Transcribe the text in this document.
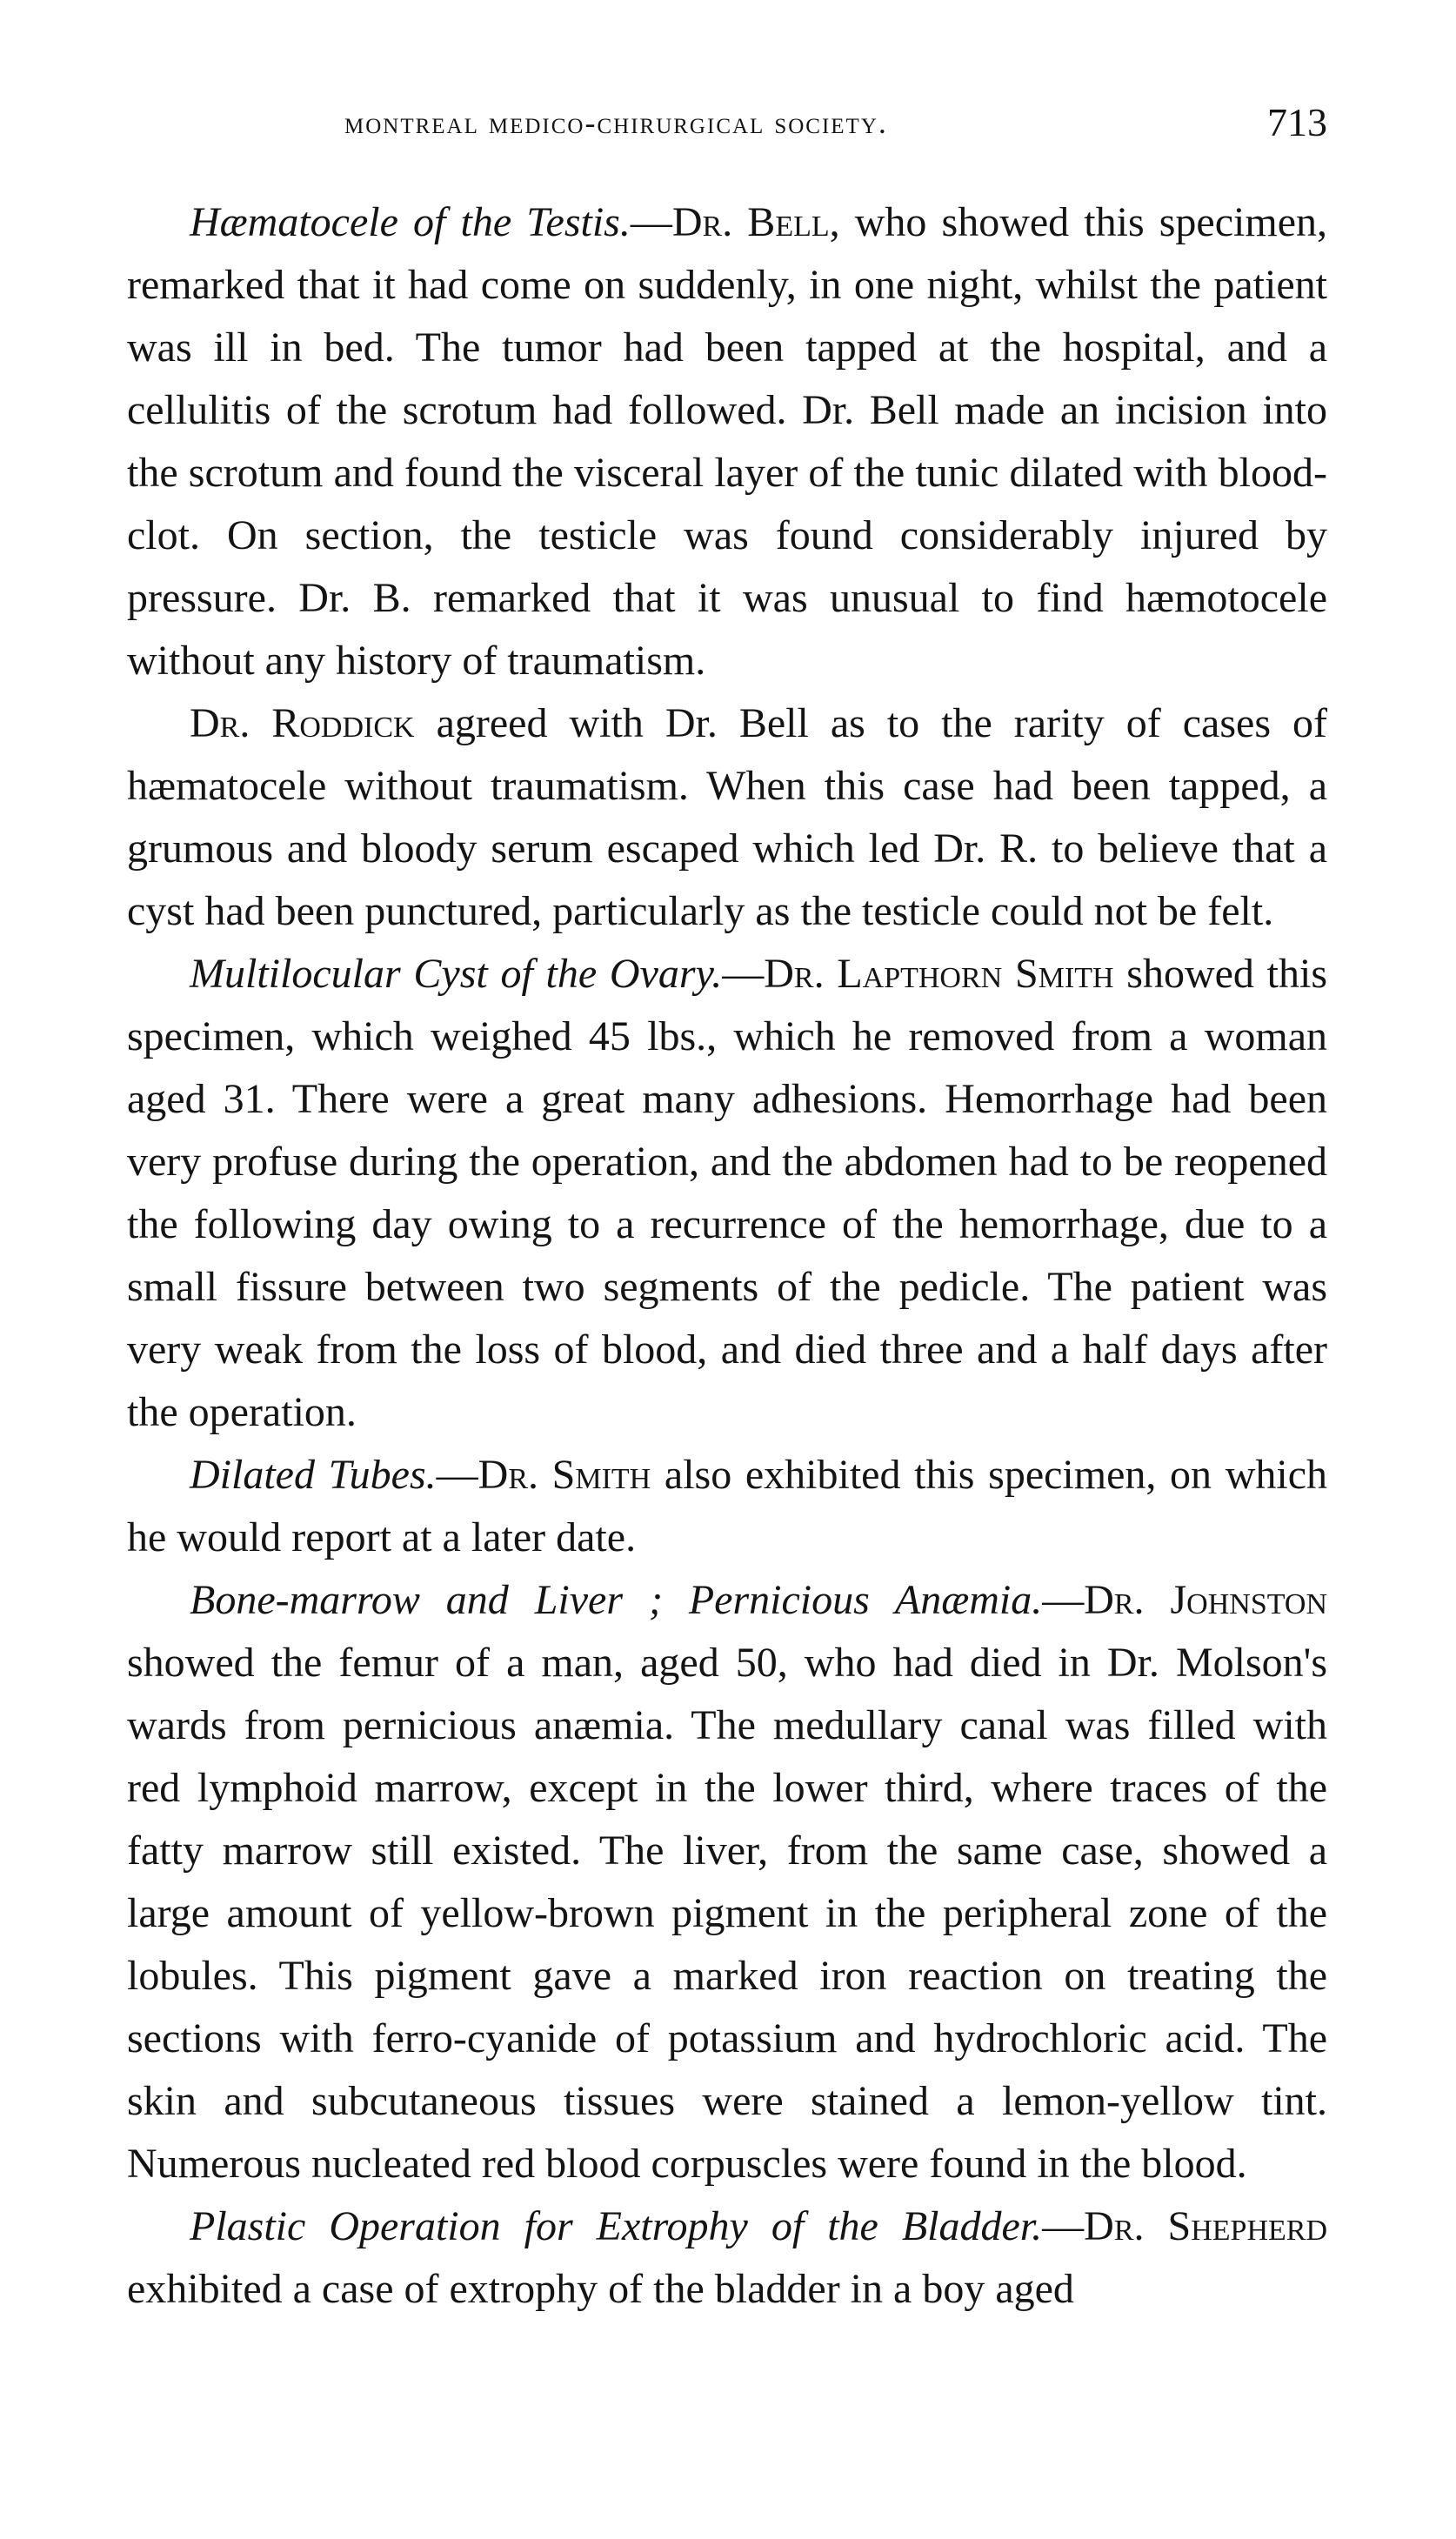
montreal medico-chirurgical society.	713

Hæmatocele of the Testis.—Dr. Bell, who showed this specimen, remarked that it had come on suddenly, in one night, whilst the patient was ill in bed. The tumor had been tapped at the hospital, and a cellulitis of the scrotum had followed. Dr. Bell made an incision into the scrotum and found the visceral layer of the tunic dilated with blood-clot. On section, the testicle was found considerably injured by pressure. Dr. B. remarked that it was unusual to find hæmotocele without any history of traumatism.

Dr. Roddick agreed with Dr. Bell as to the rarity of cases of hæmatocele without traumatism. When this case had been tapped, a grumous and bloody serum escaped which led Dr. R. to believe that a cyst had been punctured, particularly as the testicle could not be felt.

Multilocular Cyst of the Ovary.—Dr. Lapthorn Smith showed this specimen, which weighed 45 lbs., which he removed from a woman aged 31. There were a great many adhesions. Hemorrhage had been very profuse during the operation, and the abdomen had to be reopened the following day owing to a recurrence of the hemorrhage, due to a small fissure between two segments of the pedicle. The patient was very weak from the loss of blood, and died three and a half days after the operation.

Dilated Tubes.—Dr. Smith also exhibited this specimen, on which he would report at a later date.

Bone-marrow and Liver ; Pernicious Anæmia.—Dr. Johnston showed the femur of a man, aged 50, who had died in Dr. Molson's wards from pernicious anæmia. The medullary canal was filled with red lymphoid marrow, except in the lower third, where traces of the fatty marrow still existed. The liver, from the same case, showed a large amount of yellow-brown pigment in the peripheral zone of the lobules. This pigment gave a marked iron reaction on treating the sections with ferro-cyanide of potassium and hydrochloric acid. The skin and subcutaneous tissues were stained a lemon-yellow tint. Numerous nucleated red blood corpuscles were found in the blood.

Plastic Operation for Extrophy of the Bladder.—Dr. Shepherd exhibited a case of extrophy of the bladder in a boy aged
